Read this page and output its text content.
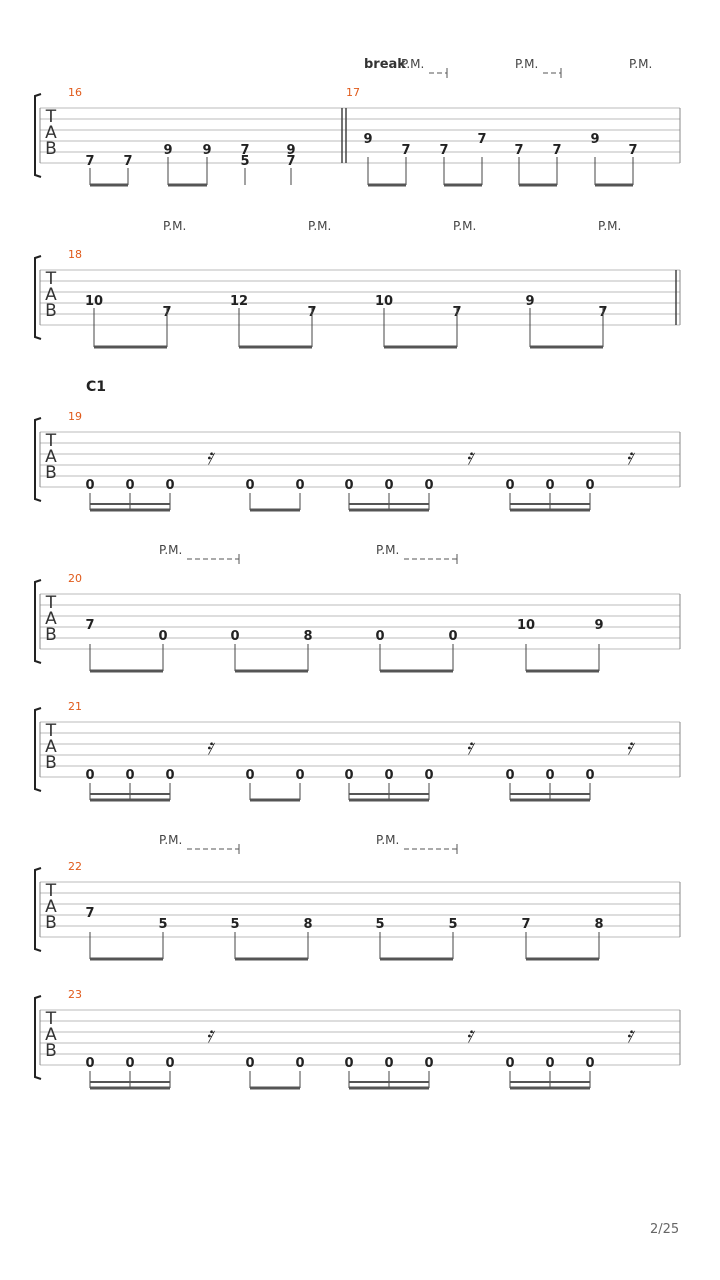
T
A
B
16	17
break
P.M.	P.M.	P.M.
7 7
9 9 7
5
9
7
9
7 7
7
7 7
9
7
T
A
B
18
P.M.	P.M.	P.M.	P.M.
10
7
12
7
10
7
9
7
T
A
B
19
C1
0 0 0	0	0	0 0 0	0 0 0
𝄿	𝄿	𝄿
T
A
B
21
0 0 0	0	0	0 0 0	0 0 0
𝄿	𝄿	𝄿
T
A
B
23
0 0 0	0	0	0 0 0	0 0 0
𝄿	𝄿	𝄿
T
A
B
20
P.M.	P.M.
7
0	0	8	0	0
10	9
T
A
B
22
P.M.	P.M.
7
5	5	8	5	5	7	8
2/25
